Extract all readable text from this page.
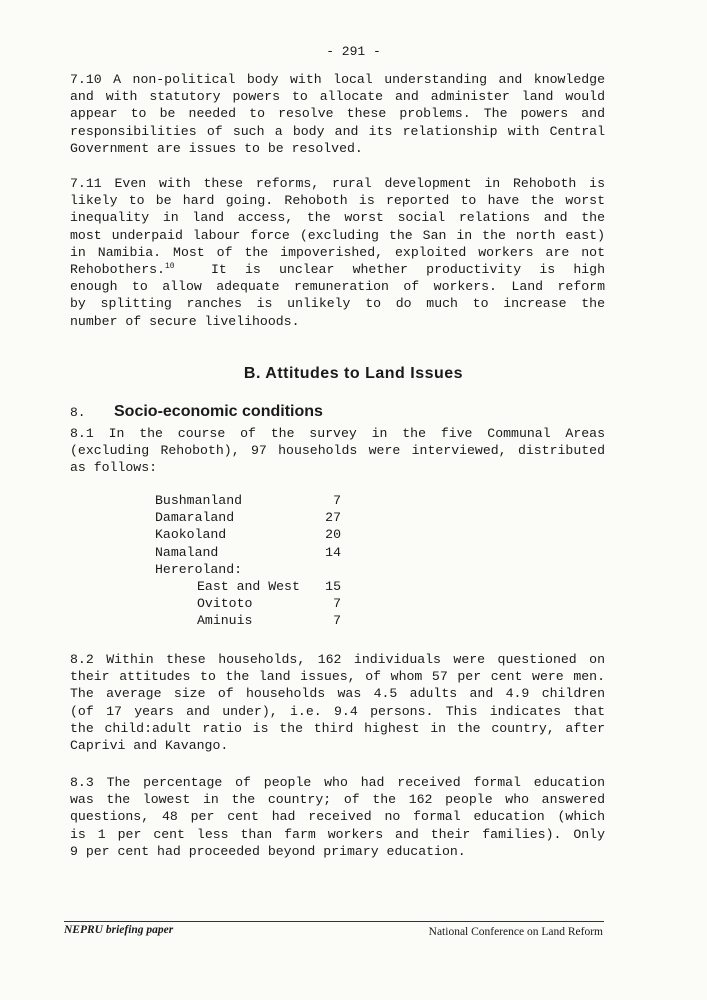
- 291 -
7.10 A non-political body with local understanding and knowledge
and with statutory powers to allocate and administer land would
appear to be needed to resolve these problems. The powers and
responsibilities of such a body and its relationship with Central
Government are issues to be resolved.
7.11 Even with these reforms, rural development in Rehoboth is
likely to be hard going. Rehoboth is reported to have the worst
inequality in land access, the worst social relations and the
most underpaid labour force (excluding the San in the north east)
in Namibia. Most of the impoverished, exploited workers are not
Rehobothers.$^{10}$  It is unclear whether productivity is high
enough to allow adequate remuneration of workers. Land reform
by splitting ranches is unlikely to do much to increase the
number of secure livelihoods.
B. Attitudes to Land Issues
8. Socio-economic conditions
8.1 In the course of the survey in the five Communal Areas
(excluding Rehoboth), 97 households were interviewed, distributed
as follows:
Bushmanland	7
Damaraland	27
Kaokoland	20
Namaland	14
Hereroland:
East and West	15
Ovitoto	7
Aminuis	7
8.2 Within these households, 162 individuals were questioned on
their attitudes to the land issues, of whom 57 per cent were men.
The average size of households was 4.5 adults and 4.9 children
(of 17 years and under), i.e. 9.4 persons. This indicates that
the child:adult ratio is the third highest in the country, after
Caprivi and Kavango.
8.3 The percentage of people who had received formal education
was the lowest in the country; of the 162 people who answered
questions, 48 per cent had received no formal education (which
is 1 per cent less than farm workers and their families). Only
9 per cent had proceeded beyond primary education.
NEPRU briefing paper	National Conference on Land Reform
